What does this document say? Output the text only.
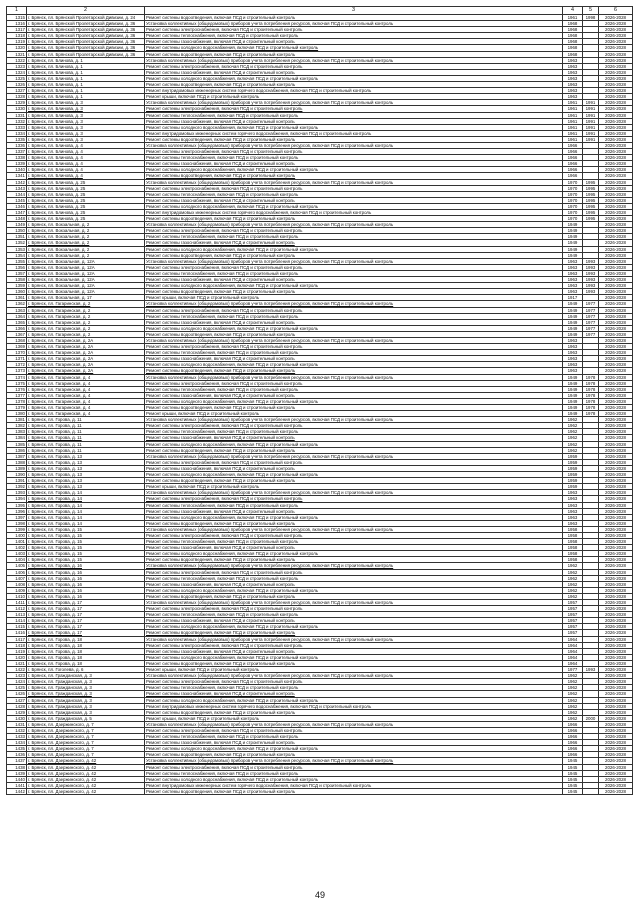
1	2	3	4	5	6
1315	г. Брянск, пл. Брянской Пролетарской Дивизии, д. 24	Ремонт системы водоотведения, включая ПСД и строительный контроль	1961	1998	2026-2028
1316	г. Брянск, пл. Брянской Пролетарской Дивизии, д. 36	Установка коллективных (общедомовых) приборов учета потребления ресурсов, включая ПСД и строительный контроль	1968		2026-2028
1317	г. Брянск, пл. Брянской Пролетарской Дивизии, д. 36	Ремонт системы электроснабжения, включая ПСД и строительный контроль	1968		2026-2028
1318	г. Брянск, пл. Брянской Пролетарской Дивизии, д. 36	Ремонт системы теплоснабжения, включая ПСД и строительный контроль	1968		2026-2028
1319	г. Брянск, пл. Брянской Пролетарской Дивизии, д. 36	Ремонт системы газоснабжения, включая ПСД и строительный контроль	1968		2026-2028
1320	г. Брянск, пл. Брянской Пролетарской Дивизии, д. 36	Ремонт системы холодного водоснабжения, включая ПСД и строительный контроль	1968		2026-2028
1321	г. Брянск, пл. Брянской Пролетарской Дивизии, д. 36	Ремонт системы водоотведения, включая ПСД и строительный контроль	1968		2026-2028
1322	г. Брянск, пл. Блинова, д. 1	Установка коллективных (общедомовых) приборов учета потребления ресурсов, включая ПСД и строительный контроль	1963		2026-2028
1323	г. Брянск, пл. Блинова, д. 1	Ремонт системы электроснабжения, включая ПСД и строительный контроль	1963		2026-2028
1324	г. Брянск, пл. Блинова, д. 1	Ремонт системы газоснабжения, включая ПСД и строительный контроль	1963		2026-2028
1325	г. Брянск, пл. Блинова, д. 1	Ремонт системы холодного водоснабжения, включая ПСД и строительный контроль	1963		2026-2028
1326	г. Брянск, пл. Блинова, д. 1	Ремонт системы водоотведения, включая ПСД и строительный контроль	1963		2026-2028
1327	г. Брянск, пл. Блинова, д. 1	Ремонт внутридомовых инженерных систем горячего водоснабжения, включая ПСД и строительный контроль	1963		2026-2028
1328	г. Брянск, пл. Блинова, д. 1	Ремонт крыши, включая ПСД и строительный контроль	1963		2026-2028
1329	г. Брянск, пл. Блинова, д. 3	Установка коллективных (общедомовых) приборов учета потребления ресурсов, включая ПСД и строительный контроль	1961	1991	2026-2028
1330	г. Брянск, пл. Блинова, д. 3	Ремонт системы электроснабжения, включая ПСД и строительный контроль	1961	1991	2026-2028
1331	г. Брянск, пл. Блинова, д. 3	Ремонт системы теплоснабжения, включая ПСД и строительный контроль	1961	1991	2026-2028
1332	г. Брянск, пл. Блинова, д. 3	Ремонт системы газоснабжения, включая ПСД и строительный контроль	1961	1991	2026-2028
1333	г. Брянск, пл. Блинова, д. 3	Ремонт системы холодного водоснабжения, включая ПСД и строительный контроль	1961	1991	2026-2028
1334	г. Брянск, пл. Блинова, д. 3	Ремонт внутридомовых инженерных систем горячего водоснабжения, включая ПСД и строительный контроль	1961	1991	2026-2028
1335	г. Брянск, пл. Блинова, д. 3	Ремонт системы водоотведения, включая ПСД и строительный контроль	1961	1991	2026-2028
1336	г. Брянск, пл. Блинова, д. 4	Установка коллективных (общедомовых) приборов учета потребления ресурсов, включая ПСД и строительный контроль	1966		2026-2028
1337	г. Брянск, пл. Блинова, д. 4	Ремонт системы электроснабжения, включая ПСД и строительный контроль	1966		2026-2028
1338	г. Брянск, пл. Блинова, д. 4	Ремонт системы теплоснабжения, включая ПСД и строительный контроль	1966		2026-2028
1339	г. Брянск, пл. Блинова, д. 4	Ремонт системы газоснабжения, включая ПСД и строительный контроль	1966		2026-2028
1340	г. Брянск, пл. Блинова, д. 4	Ремонт системы холодного водоснабжения, включая ПСД и строительный контроль	1966		2026-2028
1341	г. Брянск, пл. Блинова, д. 4	Ремонт системы водоотведения, включая ПСД и строительный контроль	1966		2026-2028
1342	г. Брянск, пл. Блинова, д. 25	Установка коллективных (общедомовых) приборов учета потребления ресурсов, включая ПСД и строительный контроль	1970	1995	2026-2028
1343	г. Брянск, пл. Блинова, д. 25	Ремонт системы электроснабжения, включая ПСД и строительный контроль	1970	1995	2026-2028
1344	г. Брянск, пл. Блинова, д. 25	Ремонт системы теплоснабжения, включая ПСД и строительный контроль	1970	1995	2026-2028
1345	г. Брянск, пл. Блинова, д. 25	Ремонт системы газоснабжения, включая ПСД и строительный контроль	1970	1995	2026-2028
1346	г. Брянск, пл. Блинова, д. 25	Ремонт системы холодного водоснабжения, включая ПСД и строительный контроль	1970	1995	2026-2028
1347	г. Брянск, пл. Блинова, д. 25	Ремонт внутридомовых инженерных систем горячего водоснабжения, включая ПСД и строительный контроль	1970	1995	2026-2028
1348	г. Брянск, пл. Блинова, д. 25	Ремонт системы водоотведения, включая ПСД и строительный контроль	1970	1995	2026-2028
1349	г. Брянск, пл. Вокзальная, д. 2	Установка коллективных (общедомовых) приборов учета потребления ресурсов, включая ПСД и строительный контроль	1949		2026-2028
1350	г. Брянск, пл. Вокзальная, д. 2	Ремонт системы электроснабжения, включая ПСД и строительный контроль	1949		2026-2028
1351	г. Брянск, пл. Вокзальная, д. 2	Ремонт системы теплоснабжения, включая ПСД и строительный контроль	1949		2026-2028
1352	г. Брянск, пл. Вокзальная, д. 2	Ремонт системы газоснабжения, включая ПСД и строительный контроль	1949		2026-2028
1353	г. Брянск, пл. Вокзальная, д. 2	Ремонт системы холодного водоснабжения, включая ПСД и строительный контроль	1949		2026-2028
1354	г. Брянск, пл. Вокзальная, д. 2	Ремонт системы водоотведения, включая ПСД и строительный контроль	1949		2026-2028
1355	г. Брянск, пл. Вокзальная, д. 12А	Установка коллективных (общедомовых) приборов учета потребления ресурсов, включая ПСД и строительный контроль	1963	1993	2026-2028
1356	г. Брянск, пл. Вокзальная, д. 12А	Ремонт системы электроснабжения, включая ПСД и строительный контроль	1963	1993	2026-2028
1357	г. Брянск, пл. Вокзальная, д. 12А	Ремонт системы теплоснабжения, включая ПСД и строительный контроль	1963	1993	2026-2028
1358	г. Брянск, пл. Вокзальная, д. 12А	Ремонт системы газоснабжения, включая ПСД и строительный контроль	1963	1993	2026-2028
1359	г. Брянск, пл. Вокзальная, д. 12А	Ремонт системы холодного водоснабжения, включая ПСД и строительный контроль	1963	1993	2026-2028
1360	г. Брянск, пл. Вокзальная, д. 12А	Ремонт системы водоотведения, включая ПСД и строительный контроль	1963	1993	2026-2028
1361	г. Брянск, пл. Вокзальная, д. 17	Ремонт крыши, включая ПСД и строительный контроль	1917		2026-2028
1362	г. Брянск, пл. Гагаринская, д. 2	Установка коллективных (общедомовых) приборов учета потребления ресурсов, включая ПСД и строительный контроль	1949	1977	2026-2028
1363	г. Брянск, пл. Гагаринская, д. 2	Ремонт системы электроснабжения, включая ПСД и строительный контроль	1949	1977	2026-2028
1364	г. Брянск, пл. Гагаринская, д. 2	Ремонт системы теплоснабжения, включая ПСД и строительный контроль	1949	1977	2026-2028
1365	г. Брянск, пл. Гагаринская, д. 2	Ремонт системы газоснабжения, включая ПСД и строительный контроль	1949	1977	2026-2028
1366	г. Брянск, пл. Гагаринская, д. 2	Ремонт системы холодного водоснабжения, включая ПСД и строительный контроль	1949	1977	2026-2028
1367	г. Брянск, пл. Гагаринская, д. 2	Ремонт системы водоотведения, включая ПСД и строительный контроль	1949	1977	2026-2028
1368	г. Брянск, пл. Гагаринская, д. 2А	Установка коллективных (общедомовых) приборов учета потребления ресурсов, включая ПСД и строительный контроль	1963		2026-2028
1369	г. Брянск, пл. Гагаринская, д. 2А	Ремонт системы электроснабжения, включая ПСД и строительный контроль	1963		2026-2028
1370	г. Брянск, пл. Гагаринская, д. 2А	Ремонт системы теплоснабжения, включая ПСД и строительный контроль	1963		2026-2028
1371	г. Брянск, пл. Гагаринская, д. 2А	Ремонт системы газоснабжения, включая ПСД и строительный контроль	1963		2026-2028
1372	г. Брянск, пл. Гагаринская, д. 2А	Ремонт системы холодного водоснабжения, включая ПСД и строительный контроль	1963		2026-2028
1373	г. Брянск, пл. Гагаринская, д. 2А	Ремонт системы водоотведения, включая ПСД и строительный контроль	1963		2026-2028
1374	г. Брянск, пл. Гагаринская, д. 4	Установка коллективных (общедомовых) приборов учета потребления ресурсов, включая ПСД и строительный контроль	1949	1978	2026-2028
1375	г. Брянск, пл. Гагаринская, д. 4	Ремонт системы электроснабжения, включая ПСД и строительный контроль	1949	1978	2026-2028
1376	г. Брянск, пл. Гагаринская, д. 4	Ремонт системы теплоснабжения, включая ПСД и строительный контроль	1949	1978	2026-2028
1377	г. Брянск, пл. Гагаринская, д. 4	Ремонт системы газоснабжения, включая ПСД и строительный контроль	1949	1978	2026-2028
1378	г. Брянск, пл. Гагаринская, д. 4	Ремонт системы холодного водоснабжения, включая ПСД и строительный контроль	1949	1978	2026-2028
1379	г. Брянск, пл. Гагаринская, д. 4	Ремонт системы водоотведения, включая ПСД и строительный контроль	1949	1978	2026-2028
1380	г. Брянск, пл. Гагаринская, д. 4	Ремонт крыши, включая ПСД и строительный контроль	1949	1978	2026-2028
1381	г. Брянск, пл. Горова, д. 11	Установка коллективных (общедомовых) приборов учета потребления ресурсов, включая ПСД и строительный контроль	1962		2026-2028
1382	г. Брянск, пл. Горова, д. 11	Ремонт системы электроснабжения, включая ПСД и строительный контроль	1962		2026-2028
1383	г. Брянск, пл. Горова, д. 11	Ремонт системы теплоснабжения, включая ПСД и строительный контроль	1962		2026-2028
1384	г. Брянск, пл. Горова, д. 11	Ремонт системы газоснабжения, включая ПСД и строительный контроль	1962		2026-2028
1385	г. Брянск, пл. Горова, д. 11	Ремонт системы холодного водоснабжения, включая ПСД и строительный контроль	1962		2026-2028
1386	г. Брянск, пл. Горова, д. 11	Ремонт системы водоотведения, включая ПСД и строительный контроль	1962		2026-2028
1387	г. Брянск, пл. Горова, д. 13	Установка коллективных (общедомовых) приборов учета потребления ресурсов, включая ПСД и строительный контроль	1959		2026-2028
1388	г. Брянск, пл. Горова, д. 13	Ремонт системы электроснабжения, включая ПСД и строительный контроль	1959		2026-2028
1389	г. Брянск, пл. Горова, д. 13	Ремонт системы газоснабжения, включая ПСД и строительный контроль	1959		2026-2028
1390	г. Брянск, пл. Горова, д. 13	Ремонт системы холодного водоснабжения, включая ПСД и строительный контроль	1959		2026-2028
1391	г. Брянск, пл. Горова, д. 13	Ремонт системы водоотведения, включая ПСД и строительный контроль	1959		2026-2028
1392	г. Брянск, пл. Горова, д. 13	Ремонт крыши, включая ПСД и строительный контроль	1959		2026-2028
1393	г. Брянск, пл. Горова, д. 14	Установка коллективных (общедомовых) приборов учета потребления ресурсов, включая ПСД и строительный контроль	1963		2026-2028
1394	г. Брянск, пл. Горова, д. 14	Ремонт системы электроснабжения, включая ПСД и строительный контроль	1963		2026-2028
1395	г. Брянск, пл. Горова, д. 14	Ремонт системы теплоснабжения, включая ПСД и строительный контроль	1963		2026-2028
1396	г. Брянск, пл. Горова, д. 14	Ремонт системы газоснабжения, включая ПСД и строительный контроль	1963		2026-2028
1397	г. Брянск, пл. Горова, д. 14	Ремонт системы холодного водоснабжения, включая ПСД и строительный контроль	1963		2026-2028
1398	г. Брянск, пл. Горова, д. 14	Ремонт системы водоотведения, включая ПСД и строительный контроль	1963		2026-2028
1399	г. Брянск, пл. Горова, д. 15	Установка коллективных (общедомовых) приборов учета потребления ресурсов, включая ПСД и строительный контроль	1958		2026-2028
1400	г. Брянск, пл. Горова, д. 15	Ремонт системы электроснабжения, включая ПСД и строительный контроль	1958		2026-2028
1401	г. Брянск, пл. Горова, д. 15	Ремонт системы теплоснабжения, включая ПСД и строительный контроль	1958		2026-2028
1402	г. Брянск, пл. Горова, д. 15	Ремонт системы газоснабжения, включая ПСД и строительный контроль	1958		2026-2028
1403	г. Брянск, пл. Горова, д. 15	Ремонт системы холодного водоснабжения, включая ПСД и строительный контроль	1958		2026-2028
1404	г. Брянск, пл. Горова, д. 15	Ремонт системы водоотведения, включая ПСД и строительный контроль	1958		2026-2028
1405	г. Брянск, пл. Горова, д. 16	Установка коллективных (общедомовых) приборов учета потребления ресурсов, включая ПСД и строительный контроль	1962		2026-2028
1406	г. Брянск, пл. Горова, д. 16	Ремонт системы электроснабжения, включая ПСД и строительный контроль	1962		2026-2028
1407	г. Брянск, пл. Горова, д. 16	Ремонт системы теплоснабжения, включая ПСД и строительный контроль	1962		2026-2028
1408	г. Брянск, пл. Горова, д. 16	Ремонт системы газоснабжения, включая ПСД и строительный контроль	1962		2026-2028
1409	г. Брянск, пл. Горова, д. 16	Ремонт системы холодного водоснабжения, включая ПСД и строительный контроль	1962		2026-2028
1410	г. Брянск, пл. Горова, д. 16	Ремонт системы водоотведения, включая ПСД и строительный контроль	1962		2026-2028
1411	г. Брянск, пл. Горова, д. 17	Установка коллективных (общедомовых) приборов учета потребления ресурсов, включая ПСД и строительный контроль	1957		2026-2028
1412	г. Брянск, пл. Горова, д. 17	Ремонт системы электроснабжения, включая ПСД и строительный контроль	1957		2026-2028
1413	г. Брянск, пл. Горова, д. 17	Ремонт системы теплоснабжения, включая ПСД и строительный контроль	1957		2026-2028
1414	г. Брянск, пл. Горова, д. 17	Ремонт системы газоснабжения, включая ПСД и строительный контроль	1957		2026-2028
1415	г. Брянск, пл. Горова, д. 17	Ремонт системы холодного водоснабжения, включая ПСД и строительный контроль	1957		2026-2028
1416	г. Брянск, пл. Горова, д. 17	Ремонт системы водоотведения, включая ПСД и строительный контроль	1957		2026-2028
1417	г. Брянск, пл. Горова, д. 18	Установка коллективных (общедомовых) приборов учета потребления ресурсов, включая ПСД и строительный контроль	1964		2026-2028
1418	г. Брянск, пл. Горова, д. 18	Ремонт системы электроснабжения, включая ПСД и строительный контроль	1964		2026-2028
1419	г. Брянск, пл. Горова, д. 18	Ремонт системы газоснабжения, включая ПСД и строительный контроль	1964		2026-2028
1420	г. Брянск, пл. Горова, д. 18	Ремонт системы холодного водоснабжения, включая ПСД и строительный контроль	1964		2026-2028
1421	г. Брянск, пл. Горова, д. 18	Ремонт системы водоотведения, включая ПСД и строительный контроль	1964		2026-2028
1422	г. Брянск, пл. Гоголева, д. 6	Ремонт крыши, включая ПСД и строительный контроль	1977	1993	2026-2028
1423	г. Брянск, пл. Гражданская, д. 3	Установка коллективных (общедомовых) приборов учета потребления ресурсов, включая ПСД и строительный контроль	1962		2026-2028
1424	г. Брянск, пл. Гражданская, д. 3	Ремонт системы электроснабжения, включая ПСД и строительный контроль	1962		2026-2028
1425	г. Брянск, пл. Гражданская, д. 3	Ремонт системы теплоснабжения, включая ПСД и строительный контроль	1962		2026-2028
1426	г. Брянск, пл. Гражданская, д. 3	Ремонт системы газоснабжения, включая ПСД и строительный контроль	1962		2026-2028
1427	г. Брянск, пл. Гражданская, д. 3	Ремонт системы холодного водоснабжения, включая ПСД и строительный контроль	1962		2026-2028
1428	г. Брянск, пл. Гражданская, д. 3	Ремонт внутридомовых инженерных систем горячего водоснабжения, включая ПСД и строительный контроль	1962		2026-2028
1429	г. Брянск, пл. Гражданская, д. 3	Ремонт системы водоотведения, включая ПСД и строительный контроль	1962		2026-2028
1430	г. Брянск, пл. Гражданская, д. 5	Ремонт крыши, включая ПСД и строительный контроль	1962	2000	2026-2028
1431	г. Брянск, пл. Дзержинского, д. 7	Установка коллективных (общедомовых) приборов учета потребления ресурсов, включая ПСД и строительный контроль	1966		2026-2028
1432	г. Брянск, пл. Дзержинского, д. 7	Ремонт системы электроснабжения, включая ПСД и строительный контроль	1966		2026-2028
1433	г. Брянск, пл. Дзержинского, д. 7	Ремонт системы теплоснабжения, включая ПСД и строительный контроль	1966		2026-2028
1434	г. Брянск, пл. Дзержинского, д. 7	Ремонт системы газоснабжения, включая ПСД и строительный контроль	1966		2026-2028
1435	г. Брянск, пл. Дзержинского, д. 7	Ремонт системы холодного водоснабжения, включая ПСД и строительный контроль	1966		2026-2028
1436	г. Брянск, пл. Дзержинского, д. 7	Ремонт системы водоотведения, включая ПСД и строительный контроль	1966		2026-2028
1437	г. Брянск, пл. Дзержинского, д. 42	Установка коллективных (общедомовых) приборов учета потребления ресурсов, включая ПСД и строительный контроль	1945		2026-2028
1438	г. Брянск, пл. Дзержинского, д. 42	Ремонт системы электроснабжения, включая ПСД и строительный контроль	1945		2026-2028
1439	г. Брянск, пл. Дзержинского, д. 42	Ремонт системы теплоснабжения, включая ПСД и строительный контроль	1945		2026-2028
1440	г. Брянск, пл. Дзержинского, д. 42	Ремонт системы холодного водоснабжения, включая ПСД и строительный контроль	1945		2026-2028
1441	г. Брянск, пл. Дзержинского, д. 42	Ремонт внутридомовых инженерных систем горячего водоснабжения, включая ПСД и строительный контроль	1945		2026-2028
1442	г. Брянск, пл. Дзержинского, д. 42	Ремонт системы водоотведения, включая ПСД и строительный контроль	1945		2026-2028
49
